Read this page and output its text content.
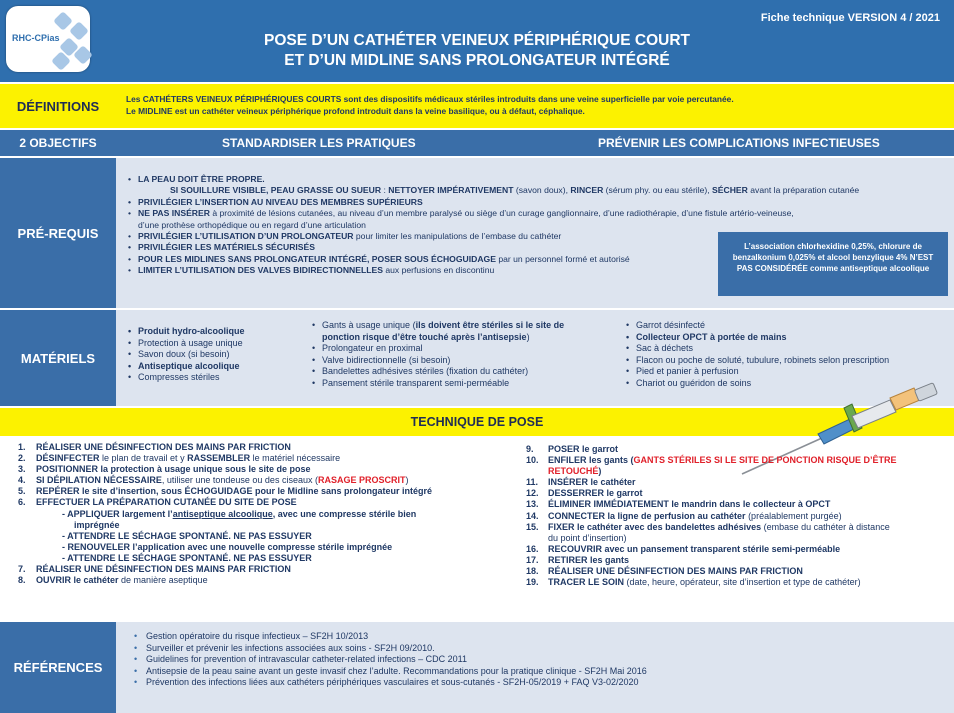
RHC-CPias
Fiche technique VERSION 4 / 2021
POSE D’UN CATHÉTER VEINEUX PÉRIPHÉRIQUE COURT
ET D’UN MIDLINE SANS PROLONGATEUR INTÉGRÉ
DÉFINITIONS	Les CATHÉTERS VEINEUX PÉRIPHÉRIQUES COURTS sont des dispositifs médicaux stériles introduits dans une veine superficielle par voie percutanée.
Le MIDLINE est un cathéter veineux périphérique profond introduit dans la veine basilique, ou à défaut, céphalique.
2 OBJECTIFS	STANDARDISER LES PRATIQUES	PRÉVENIR LES COMPLICATIONS INFECTIEUSES
PRÉ-REQUIS
• LA PEAU DOIT ÊTRE PROPRE.
SI SOUILLURE VISIBLE, PEAU GRASSE OU SUEUR : NETTOYER IMPÉRATIVEMENT (savon doux), RINCER (sérum phy. ou eau stérile), SÉCHER avant la préparation cutanée
• PRIVILÉGIER L’INSERTION AU NIVEAU DES MEMBRES SUPÉRIEURS
• NE PAS INSÉRER à proximité de lésions cutanées, au niveau d’un membre paralysé ou siège d’un curage ganglionnaire, d’une radiothérapie, d’une fistule artério-veineuse,
d’une prothèse orthopédique ou en regard d’une articulation
• PRIVILÉGIER L’UTILISATION D’UN PROLONGATEUR pour limiter les manipulations de l’embase du cathéter
• PRIVILÉGIER LES MATÉRIELS SÉCURISÉS
• POUR LES MIDLINES SANS PROLONGATEUR INTÉGRÉ, POSER SOUS ÉCHOGUIDAGE par un personnel formé et autorisé
• LIMITER L’UTILISATION DES VALVES BIDIRECTIONNELLES aux perfusions en discontinu
L’association chlorhexidine 0,25%, chlorure de benzalkonium 0,025% et alcool benzylique 4% N’EST PAS CONSIDÉRÉE comme antiseptique alcoolique
MATÉRIELS
• Produit hydro-alcoolique
• Protection à usage unique
• Savon doux (si besoin)
• Antiseptique alcoolique
• Compresses stériles
• Gants à usage unique (ils doivent être stériles si le site de ponction risque d’être touché après l’antisepsie)
• Prolongateur en proximal
• Valve bidirectionnelle (si besoin)
• Bandelettes adhésives stériles (fixation du cathéter)
• Pansement stérile transparent semi-perméable
• Garrot désinfecté
• Collecteur OPCT à portée de mains
• Sac à déchets
• Flacon ou poche de soluté, tubulure, robinets selon prescription
• Pied et panier à perfusion
• Chariot ou guéridon de soins
TECHNIQUE DE POSE
1. RÉALISER UNE DÉSINFECTION DES MAINS PAR FRICTION
2. DÉSINFECTER le plan de travail et y RASSEMBLER le matériel nécessaire
3. POSITIONNER la protection à usage unique sous le site de pose
4. SI DÉPILATION NÉCESSAIRE, utiliser une tondeuse ou des ciseaux (RASAGE PROSCRIT)
5. REPÉRER le site d’insertion, sous ÉCHOGUIDAGE pour le Midline sans prolongateur intégré
6. EFFECTUER LA PRÉPARATION CUTANÉE DU SITE DE POSE
- APPLIQUER largement l’antiseptique alcoolique, avec une compresse stérile bien
imprégnée
- ATTENDRE LE SÉCHAGE SPONTANÉ. NE PAS ESSUYER
- RENOUVELER l’application avec une nouvelle compresse stérile imprégnée
- ATTENDRE LE SÉCHAGE SPONTANÉ. NE PAS ESSUYER
7. RÉALISER UNE DÉSINFECTION DES MAINS PAR FRICTION
8. OUVRIR le cathéter de manière aseptique
9. POSER le garrot
10. ENFILER les gants (GANTS STÉRILES SI LE SITE DE PONCTION RISQUE D’ÊTRE
RETOUCHÉ)
11. INSÉRER le cathéter
12. DESSERRER le garrot
13. ÉLIMINER IMMÉDIATEMENT le mandrin dans le collecteur à OPCT
14. CONNECTER la ligne de perfusion au cathéter (préalablement purgée)
15. FIXER le cathéter avec des bandelettes adhésives (embase du cathéter à distance
du point d’insertion)
16. RECOUVRIR avec un pansement transparent stérile semi-perméable
17. RETIRER les gants
18. RÉALISER UNE DÉSINFECTION DES MAINS PAR FRICTION
19. TRACER LE SOIN (date, heure, opérateur, site d’insertion et type de cathéter)
RÉFÉRENCES
• Gestion opératoire du risque infectieux – SF2H 10/2013
• Surveiller et prévenir les infections associées aux soins - SF2H 09/2010.
• Guidelines for prevention of intravascular catheter-related infections – CDC 2011
• Antisepsie de la peau saine avant un geste invasif chez l’adulte. Recommandations pour la pratique clinique - SF2H Mai 2016
• Prévention des infections liées aux cathéters périphériques vasculaires et sous-cutanés - SF2H-05/2019 + FAQ V3-02/2020
